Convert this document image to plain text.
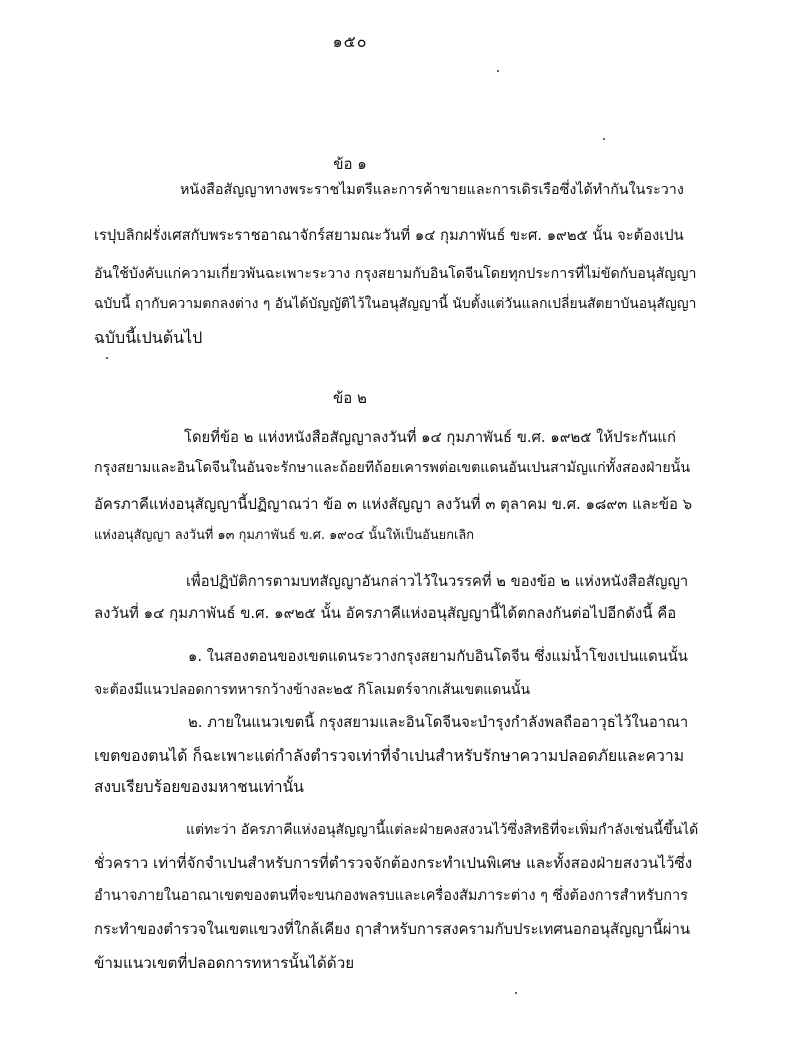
๑๕๐
ข้อ ๑
หนังสือสัญญาทางพระราชไมตรีและการค้าขายและการเดิรเรือซึ่งได้ทำกันในระวาง
เรปุบลิกฝรั่งเศสกับพระราชอาณาจักร์สยามณะวันที่ ๑๔ กุมภาพันธ์ ขะศ. ๑๙๒๕ นั้น จะต้องเปน
อันใช้บังคับแก่ความเกี่ยวพันฉะเพาะระวาง กรุงสยามกับอินโดจีนโดยทุกประการที่ไม่ขัดกับอนุสัญญา
ฉบับนี้ ฤากับความตกลงต่าง ๆ อันได้บัญญัติไว้ในอนุสัญญานี้ นับตั้งแต่วันแลกเปลี่ยนสัตยาบันอนุสัญญา
ฉบับนี้เปนต้นไป
ข้อ ๒
โดยที่ข้อ ๒ แห่งหนังสือสัญญาลงวันที่ ๑๔ กุมภาพันธ์ ข.ศ. ๑๙๒๕ ให้ประกันแก่
กรุงสยามและอินโดจีนในอันจะรักษาและถ้อยทีถ้อยเคารพต่อเขตแดนอันเปนสามัญแก่ทั้งสองฝ่ายนั้น
อัครภาคีแห่งอนุสัญญานี้ปฏิญาณว่า ข้อ ๓ แห่งสัญญา ลงวันที่ ๓ ตุลาคม ข.ศ. ๑๘๙๓ และข้อ ๖
แห่งอนุสัญญา ลงวันที่ ๑๓ กุมภาพันธ์ ข.ศ. ๑๙๐๔ นั้นให้เป็นอันยกเลิก
เพื่อปฏิบัติการตามบทสัญญาอันกล่าวไว้ในวรรคที่ ๒ ของข้อ ๒ แห่งหนังสือสัญญา
ลงวันที่ ๑๔ กุมภาพันธ์ ข.ศ. ๑๙๒๕ นั้น อัครภาคีแห่งอนุสัญญานี้ได้ตกลงกันต่อไปอีกดังนี้ คือ
๑. ในสองตอนของเขตแดนระวางกรุงสยามกับอินโดจีน ซึ่งแม่น้ำโขงเปนแดนนั้น
จะต้องมีแนวปลอดการทหารกว้างข้างละ๒๕ กิโลเมตร์จากเส้นเขตแดนนั้น
๒. ภายในแนวเขตนี้ กรุงสยามและอินโดจีนจะบำรุงกำลังพลถืออาวุธไว้ในอาณา
เขตของตนได้ ก็ฉะเพาะแต่กำลังตำรวจเท่าที่จำเปนสำหรับรักษาความปลอดภัยและความ
สงบเรียบร้อยของมหาชนเท่านั้น
แต่ทะว่า อัครภาคีแห่งอนุสัญญานี้แต่ละฝ่ายคงสงวนไว้ซึ่งสิทธิที่จะเพิ่มกำลังเช่นนี้ขึ้นได้
ชั่วคราว เท่าที่จักจำเปนสำหรับการที่ตำรวจจักต้องกระทำเปนพิเศษ และทั้งสองฝ่ายสงวนไว้ซึ่ง
อำนาจภายในอาณาเขตของตนที่จะขนกองพลรบและเครื่องสัมภาระต่าง ๆ ซึ่งต้องการสำหรับการ
กระทำของตำรวจในเขตแขวงที่ใกล้เคียง ฤาสำหรับการสงครามกับประเทศนอกอนุสัญญานี้ผ่าน
ข้ามแนวเขตที่ปลอดการทหารนั้นได้ด้วย
